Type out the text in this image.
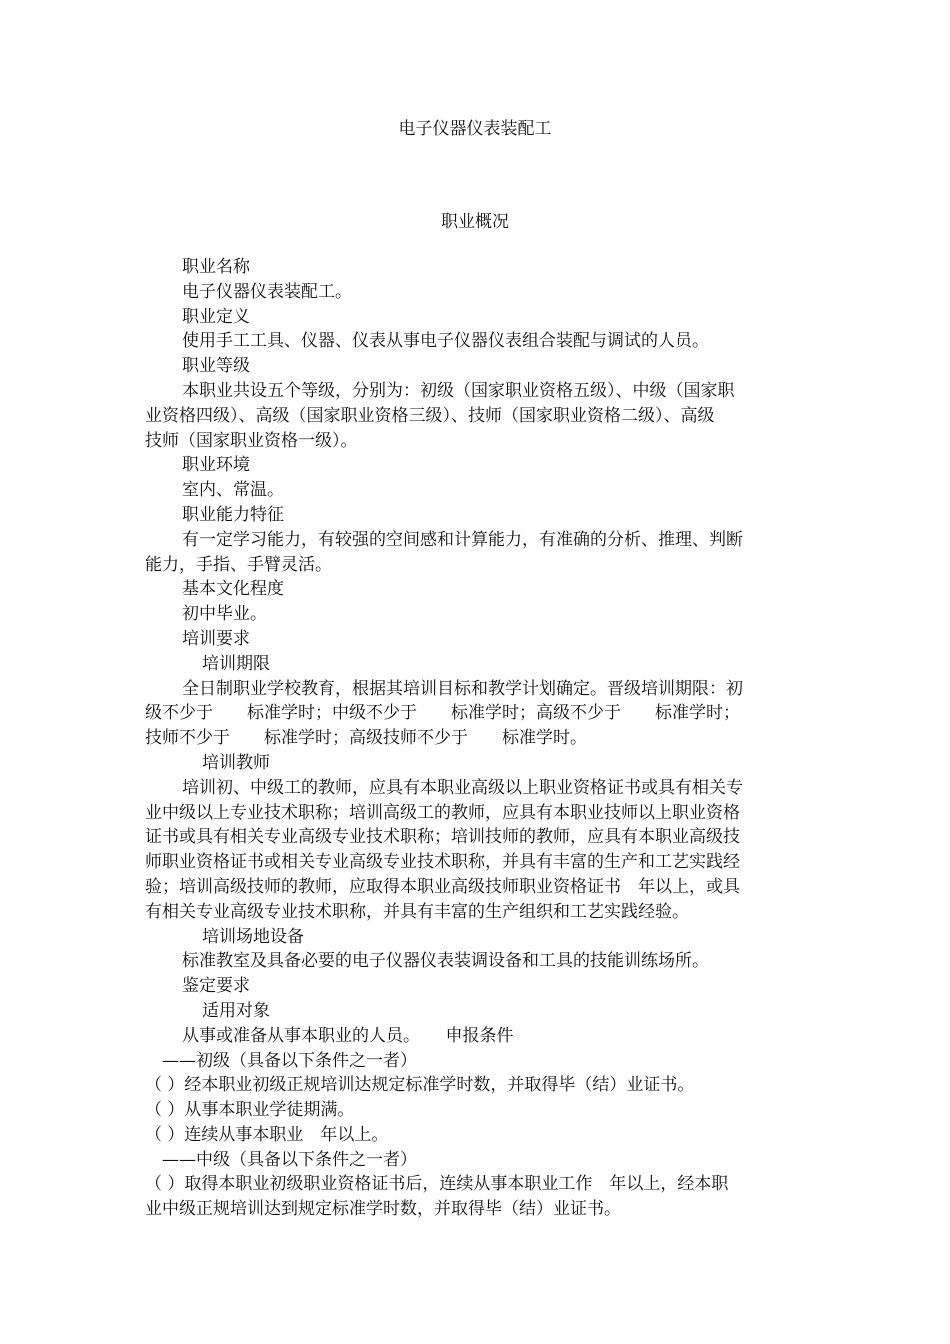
电子仪器仪表装配工
职业概况
职业名称
电子仪器仪表装配工。
职业定义
使用手工工具、仪器、仪表从事电子仪器仪表组合装配与调试的人员。
职业等级
本职业共设五个等级，分别为：初级（国家职业资格五级）、中级（国家职
业资格四级）、高级（国家职业资格三级）、技师（国家职业资格二级）、高级
技师（国家职业资格一级）。
职业环境
室内、常温。
职业能力特征
有一定学习能力，有较强的空间感和计算能力，有准确的分析、推理、判断
能力，手指、手臂灵活。
基本文化程度
初中毕业。
培训要求
培训期限
全日制职业学校教育，根据其培训目标和教学计划确定。晋级培训期限：初
级不少于　　标准学时；中级不少于　　标准学时；高级不少于　　标准学时；
技师不少于　　标准学时；高级技师不少于　　标准学时。
培训教师
培训初、中级工的教师，应具有本职业高级以上职业资格证书或具有相关专
业中级以上专业技术职称；培训高级工的教师，应具有本职业技师以上职业资格
证书或具有相关专业高级专业技术职称；培训技师的教师，应具有本职业高级技
师职业资格证书或相关专业高级专业技术职称，并具有丰富的生产和工艺实践经
验；培训高级技师的教师，应取得本职业高级技师职业资格证书　年以上，或具
有相关专业高级专业技术职称，并具有丰富的生产组织和工艺实践经验。
培训场地设备
标准教室及具备必要的电子仪器仪表装调设备和工具的技能训练场所。
鉴定要求
适用对象
从事或准备从事本职业的人员。　　申报条件
——初级（具备以下条件之一者）
（ ）经本职业初级正规培训达规定标准学时数，并取得毕（结）业证书。
（ ）从事本职业学徒期满。
（ ）连续从事本职业　年以上。
——中级（具备以下条件之一者）
（ ）取得本职业初级职业资格证书后，连续从事本职业工作　年以上，经本职
业中级正规培训达到规定标准学时数，并取得毕（结）业证书。
